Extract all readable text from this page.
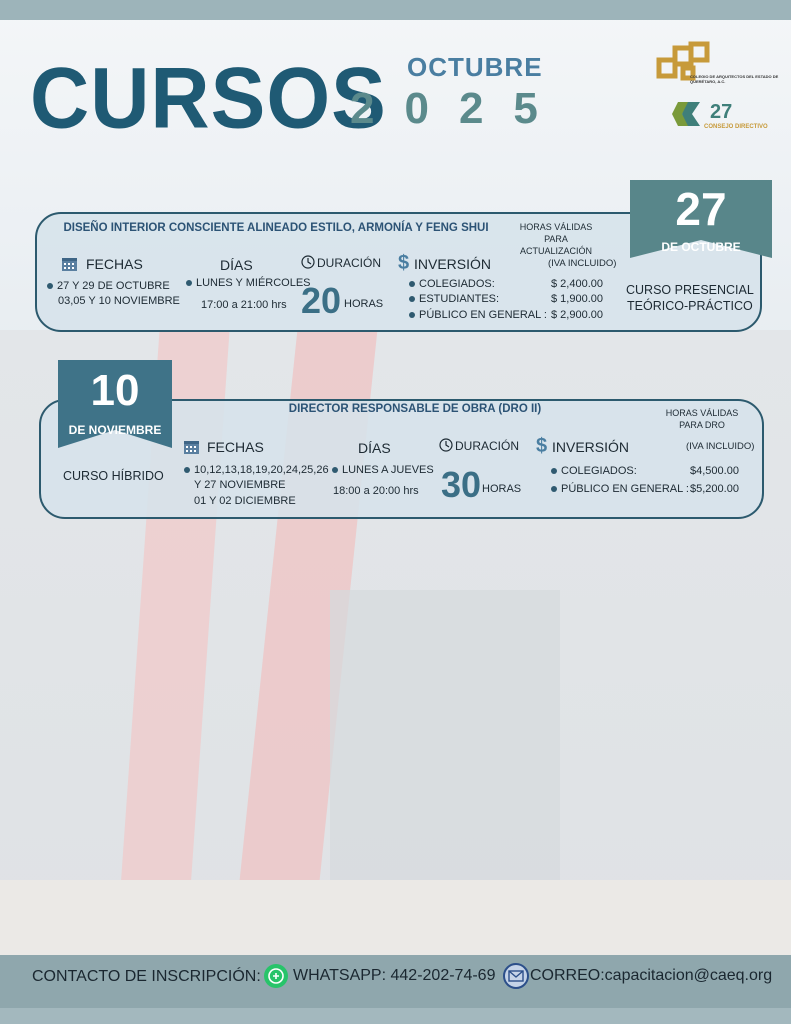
CURSOS OCTUBRE
2025
COLEGIO DE ARQUITECTOS DEL ESTADO DE QUERÉTARO, A.C.
27
CONSEJO DIRECTIVO
27
DE OCTUBRE
DISEÑO INTERIOR CONSCIENTE ALINEADO ESTILO, ARMONÍA Y FENG SHUI	HORAS VÁLIDAS PARA ACTUALIZACIÓN
FECHAS
27 Y 29 DE OCTUBRE
03,05 Y 10 NOVIEMBRE
DÍAS
LUNES Y MIÉRCOLES
17:00 a 21:00 hrs
DURACIÓN
20 HORAS
$ INVERSIÓN	(IVA INCLUIDO)
COLEGIADOS:	$ 2,400.00
ESTUDIANTES:	$ 1,900.00
PÚBLICO EN GENERAL : $ 2,900.00
CURSO PRESENCIAL
TEÓRICO-PRÁCTICO
10
DE NOVIEMBRE
DIRECTOR RESPONSABLE DE OBRA (DRO II)	HORAS VÁLIDAS PARA DRO
CURSO HÍBRIDO
FECHAS
10,12,13,18,19,20,24,25,26
Y 27 NOVIEMBRE
01 Y 02 DICIEMBRE
DÍAS
LUNES A JUEVES
18:00 a 20:00 hrs
DURACIÓN
30 HORAS
$ INVERSIÓN	(IVA INCLUIDO)
COLEGIADOS:	$4,500.00
PÚBLICO EN GENERAL : $5,200.00
CONTACTO DE INSCRIPCIÓN: WHATSAPP: 442-202-74-69 CORREO:capacitacion@caeq.org
